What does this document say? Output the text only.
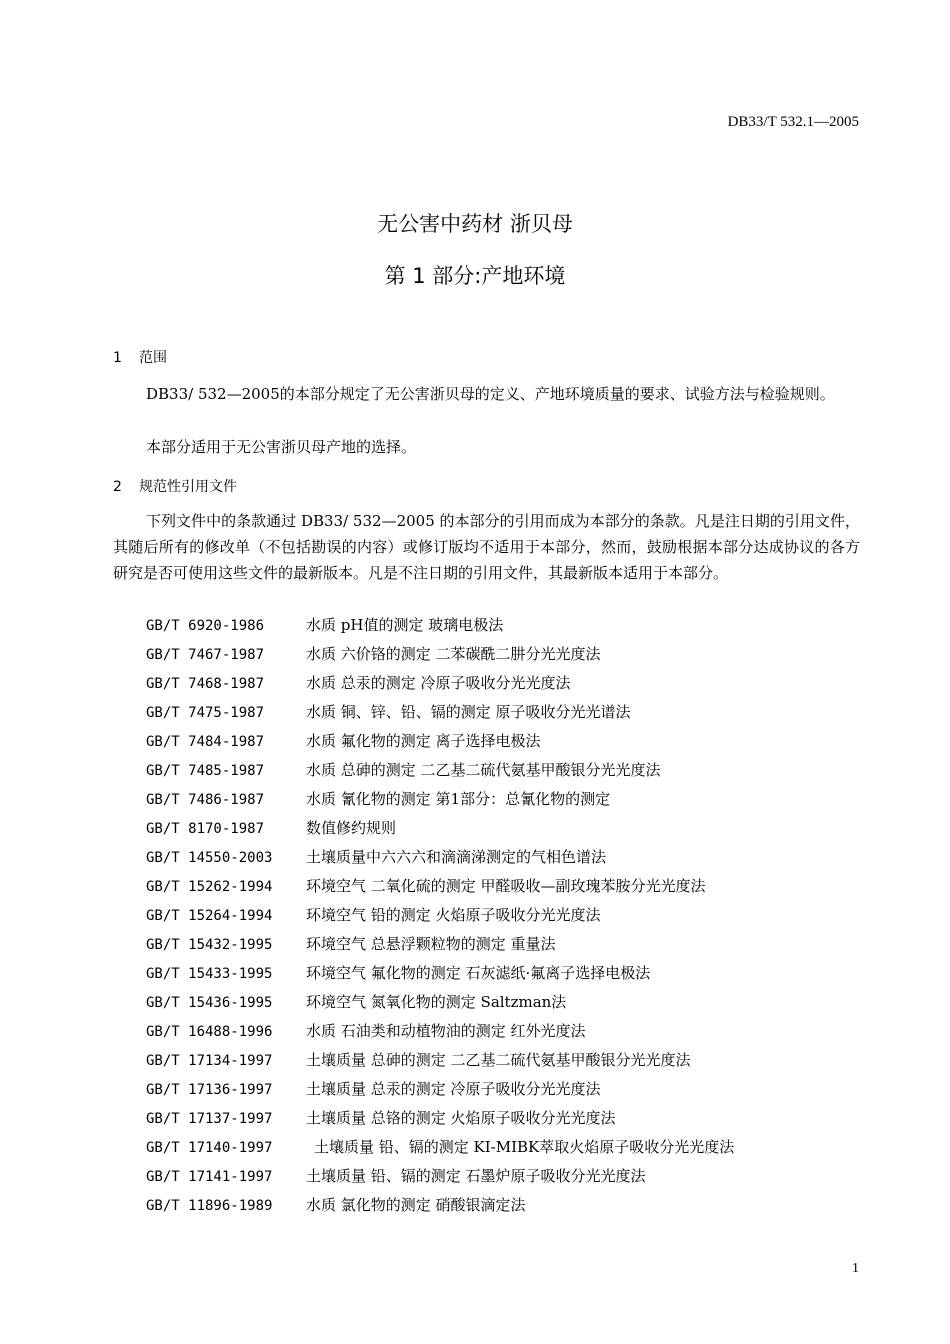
DB33/T 532.1—2005
无公害中药材 浙贝母
第 1 部分:产地环境
1 范围
DB33/ 532—2005的本部分规定了无公害浙贝母的定义、产地环境质量的要求、试验方法与检验规则。
本部分适用于无公害浙贝母产地的选择。
2 规范性引用文件
下列文件中的条款通过 DB33/ 532—2005 的本部分的引用而成为本部分的条款。凡是注日期的引用文件，其随后所有的修改单（不包括勘误的内容）或修订版均不适用于本部分，然而，鼓励根据本部分达成协议的各方研究是否可使用这些文件的最新版本。凡是不注日期的引用文件，其最新版本适用于本部分。
GB/T 6920-1986	水质 pH值的测定 玻璃电极法
GB/T 7467-1987	水质 六价铬的测定 二苯碳酰二肼分光光度法
GB/T 7468-1987	水质 总汞的测定 冷原子吸收分光光度法
GB/T 7475-1987	水质 铜、锌、铅、镉的测定 原子吸收分光光谱法
GB/T 7484-1987	水质 氟化物的测定 离子选择电极法
GB/T 7485-1987	水质 总砷的测定 二乙基二硫代氨基甲酸银分光光度法
GB/T 7486-1987	水质 氰化物的测定 第1部分：总氰化物的测定
GB/T 8170-1987	数值修约规则
GB/T 14550-2003 土壤质量中六六六和滴滴涕测定的气相色谱法
GB/T 15262-1994 环境空气 二氧化硫的测定 甲醛吸收—副玫瑰苯胺分光光度法
GB/T 15264-1994 环境空气 铅的测定 火焰原子吸收分光光度法
GB/T 15432-1995 环境空气 总悬浮颗粒物的测定 重量法
GB/T 15433-1995 环境空气 氟化物的测定 石灰滤纸·氟离子选择电极法
GB/T 15436-1995 环境空气 氮氧化物的测定 Saltzman法
GB/T 16488-1996 水质 石油类和动植物油的测定 红外光度法
GB/T 17134-1997 土壤质量 总砷的测定 二乙基二硫代氨基甲酸银分光光度法
GB/T 17136-1997 土壤质量 总汞的测定 冷原子吸收分光光度法
GB/T 17137-1997 土壤质量 总铬的测定 火焰原子吸收分光光度法
GB/T 17140-1997	土壤质量 铅、镉的测定 KI-MIBK萃取火焰原子吸收分光光度法
GB/T 17141-1997 土壤质量 铅、镉的测定 石墨炉原子吸收分光光度法
GB/T 11896-1989 水质 氯化物的测定 硝酸银滴定法
1
